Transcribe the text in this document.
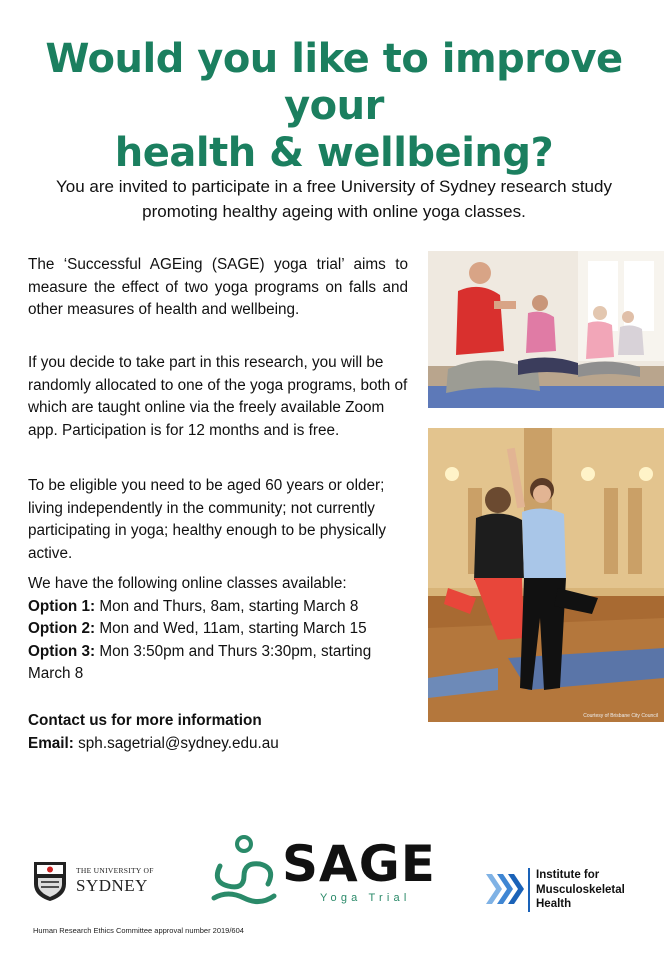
Would you like to improve your
health & wellbeing?
You are invited to participate in a free University of Sydney research study
promoting healthy ageing with online yoga classes.

The ‘Successful AGEing (SAGE) yoga trial’ aims to measure the effect of two yoga programs on falls and other measures of health and wellbeing.

If you decide to take part in this research, you will be randomly allocated to one of the yoga programs, both of which are taught online via the freely available Zoom app. Participation is for 12 months and is free.

To be eligible you need to be aged 60 years or older; living independently in the community; not currently participating in yoga; healthy enough to be physically active.

We have the following online classes available:
Option 1: Mon and Thurs, 8am, starting March 8
Option 2: Mon and Wed, 11am, starting March 15
Option 3: Mon 3:50pm and Thurs 3:30pm, starting
March 8
Contact us for more information
Email: sph.sagetrial@sydney.edu.au
Courtesy of Brisbane City Council
THE UNIVERSITY OF
SYDNEY	SAGE
Yoga Trial
Institute for
Musculoskeletal
Health
Human Research Ethics Committee approval number 2019/604
